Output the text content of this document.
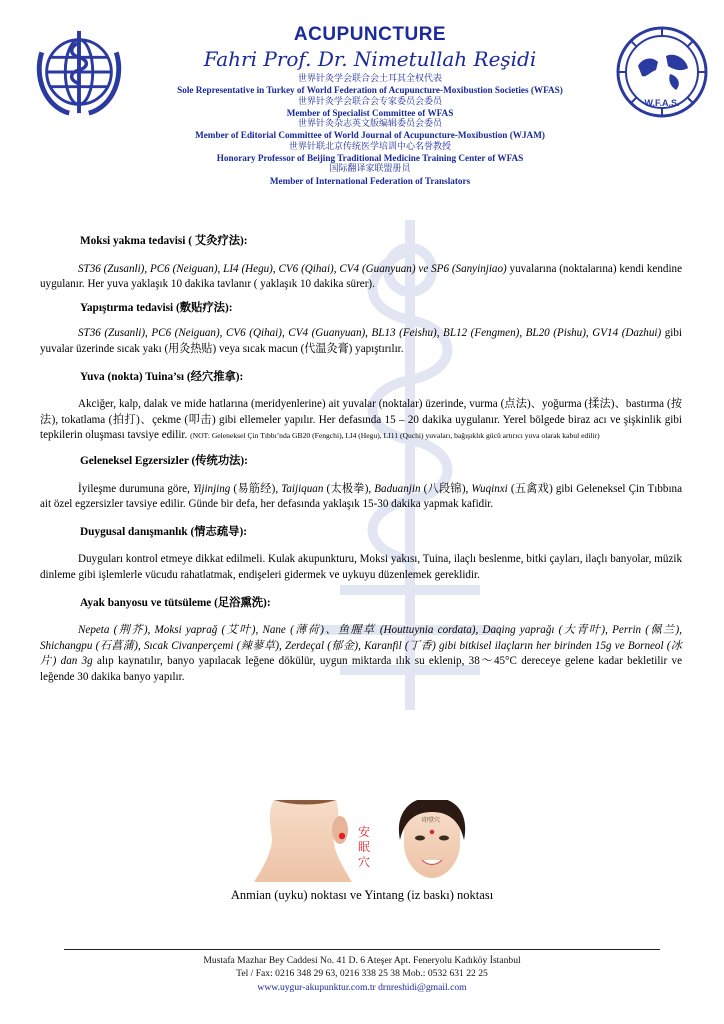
W.F.A.S.
ACUPUNCTURE
Fahri Prof. Dr. Nimetullah Reşidi
世界针灸学会联合会土耳其全权代表
Sole Representative in Turkey of World Federation of Acupuncture-Moxibustion Societies (WFAS)
世界针灸学会联合会专家委员会委员
Member of Specialist Committee of WFAS
世界针灸杂志英文版编辑委员会委员
Member of Editorial Committee of World Journal of Acupuncture-Moxibustion (WJAM)
世界针联北京传统医学培训中心名誉教授
Honorary Professor of Beijing Traditional Medicine Training Center of WFAS
国际翻译家联盟册员
Member of International Federation of Translators
Moksi yakma tedavisi ( 艾灸疗法):

ST36 (Zusanli), PC6 (Neiguan), LI4 (Hegu), CV6 (Qihai), CV4 (Guanyuan) ve SP6 (Sanyinjiao) yuvalarına (noktalarına) kendi kendine uygulanır. Her yuva yaklaşık 10 dakika tavlanır ( yaklaşık 10 dakika sürer).

Yapıştırma tedavisi (敷贴疗法):

ST36 (Zusanli), PC6 (Neiguan), CV6 (Qihai), CV4 (Guanyuan), BL13 (Feishu), BL12 (Fengmen), BL20 (Pishu), GV14 (Dazhui) gibi yuvalar üzerinde sıcak yakı (用灸热贴) veya sıcak macun (代温灸膏) yapıştırılır.

Yuva (nokta) Tuina’sı (经穴推拿):

Akciğer, kalp, dalak ve mide hatlarına (meridyenlerine) ait yuvalar (noktalar) üzerinde, vurma (点法)、yoğurma (揉法)、bastırma (按法), tokatlama (拍打)、çekme (叩击) gibi ellemeler yapılır. Her defasında 15 – 20 dakika uygulanır. Yerel bölgede biraz acı ve şişkinlik gibi tepkilerin oluşması tavsiye edilir. (NOT: Geleneksel Çin Tıbbı’nda GB20 (Fengchi), LI4 (Hegu), LI11 (Quchi) yuvaları, bağışıklık gücü artırıcı yuva olarak kabul edilir)

Geleneksel Egzersizler (传统功法):

İyileşme durumuna göre, Yijinjing (易筋经), Taijiquan (太极拳), Baduanjin (八段锦), Wuqinxi (五禽戏) gibi Geleneksel Çin Tıbbına ait özel egzersizler tavsiye edilir. Günde bir defa, her defasında yaklaşık 15-30 dakika yapmak kafidir.

Duygusal danışmanlık (情志疏导):

Duyguları kontrol etmeye dikkat edilmeli. Kulak akupunkturu, Moksi yakısı, Tuina, ilaçlı beslenme, bitki çayları, ilaçlı banyolar, müzik dinleme gibi işlemlerle vücudu rahatlatmak, endişeleri gidermek ve uykuyu düzenlemek gereklidir.

Ayak banyosu ve tütsüleme (足浴熏洗):

Nepeta (荆芥), Moksi yaprağ (艾叶), Nane (薄荷)、鱼腥草 (Houttuynia cordata), Daqing yaprağı (大青叶), Perrin (佩兰), Shichangpu (石菖蒲), Sıcak Civanperçemi (辣蓼草), Zerdeçal (郁金), Karanfil (丁香) gibi bitkisel ilaçların her birinden 15g ve Borneol (冰片) dan 3g alıp kaynatılır, banyo yapılacak leğene dökülür, uygun miktarda ılık su eklenip, 38～45°C dereceye gelene kadar bekletilir ve leğende 30 dakika banyo yapılır.

安
眠
穴
印堂穴
Anmian (uyku) noktası ve Yintang (iz baskı) noktası
Mustafa Mazhar Bey Caddesi No. 41 D. 6 Ateşer Apt. Feneryolu Kadıköy İstanbul
Tel / Fax: 0216 348 29 63, 0216 338 25 38 Mob.: 0532 631 22 25
www.uygur-akupunktur.com.tr drnreshidi@gmail.com
